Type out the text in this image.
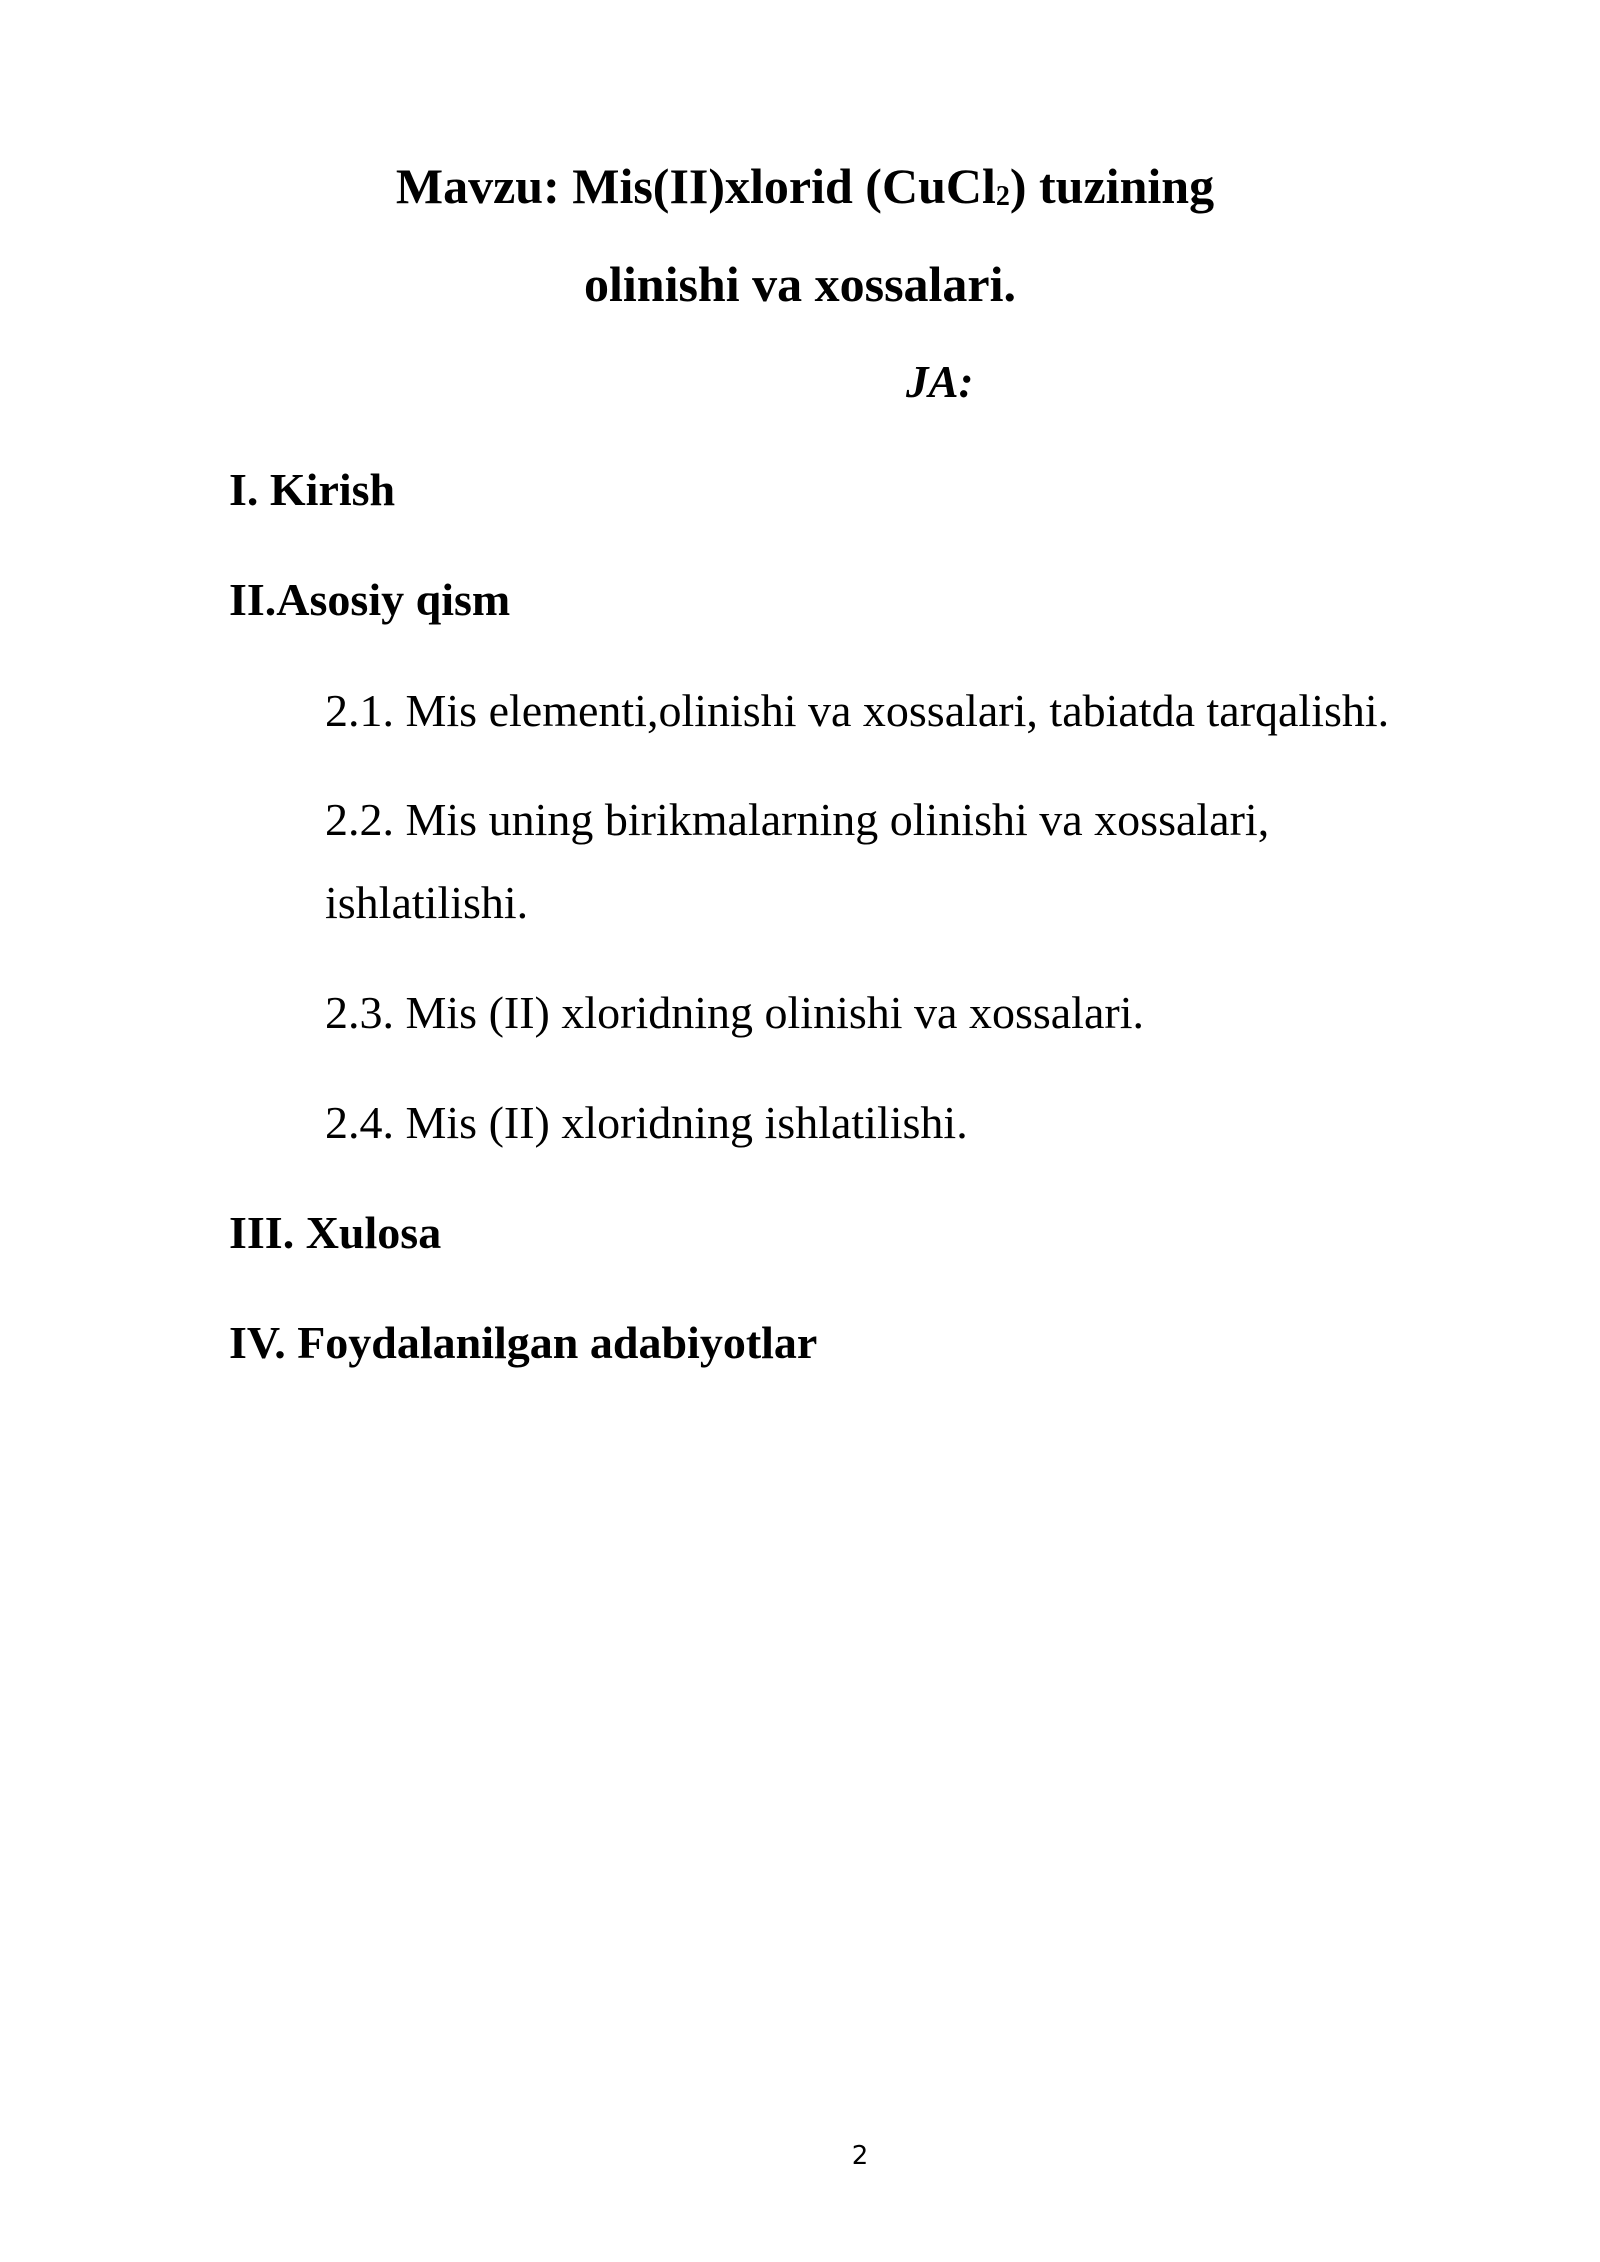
Mavzu: Mis(II)xlorid (CuCl$_2$) tuzining
olinishi va xossalari.
JA:
I. Kirish
II.Asosiy qism
2.1. Mis elementi,olinishi va xossalari, tabiatda tarqalishi.
2.2. Mis uning birikmalarning olinishi va xossalari,
ishlatilishi.
2.3. Mis (II) xloridning olinishi va xossalari.
2.4. Mis (II) xloridning ishlatilishi.
III. Xulosa
IV. Foydalanilgan adabiyotlar
2
